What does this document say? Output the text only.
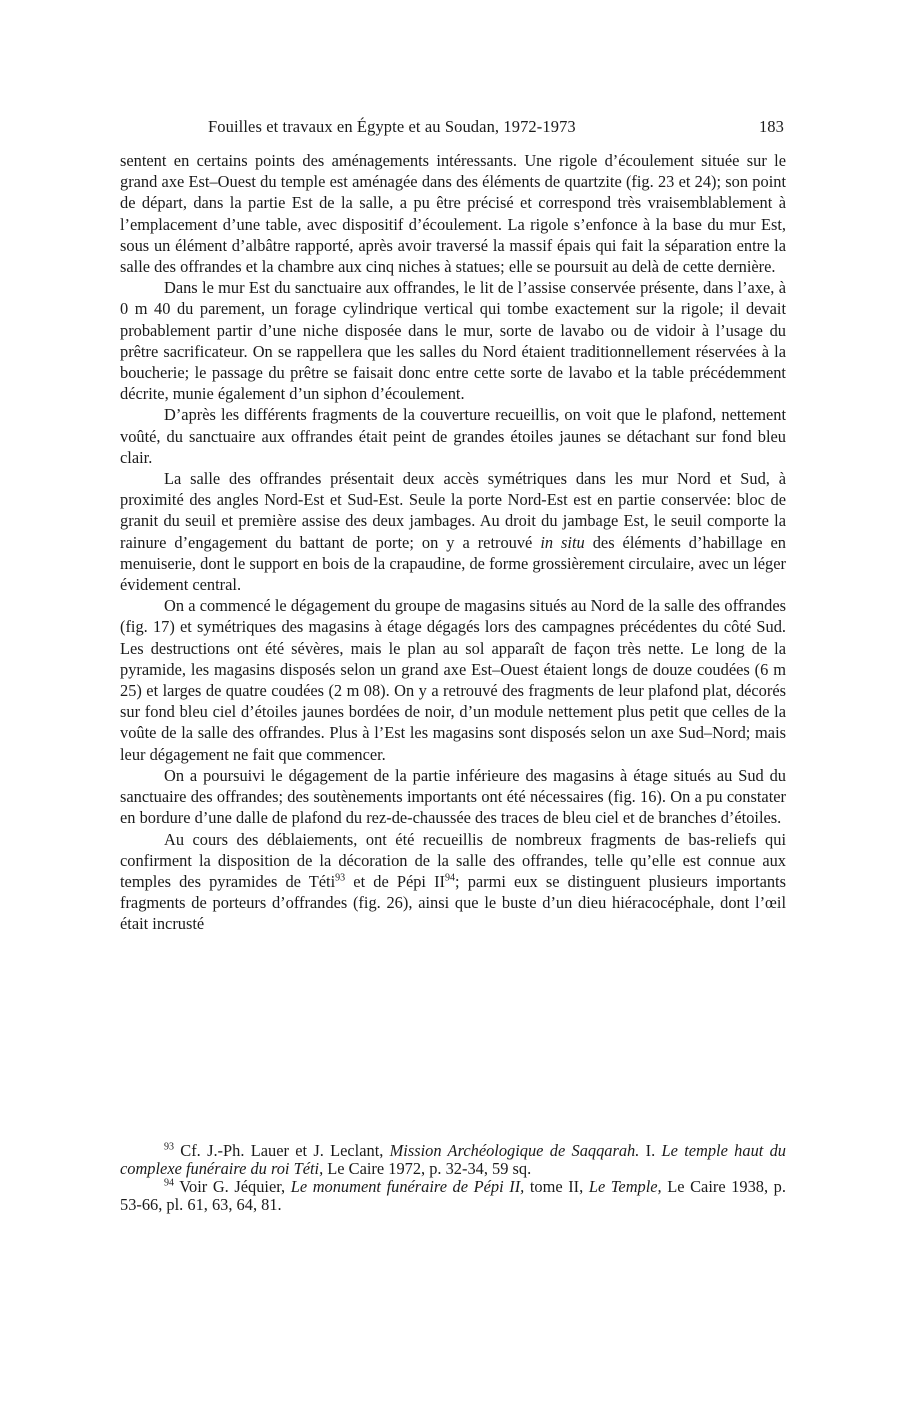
Fouilles et travaux en Égypte et au Soudan, 1972-1973	183

sentent en certains points des aménagements intéressants. Une rigole d’écoulement située sur le grand axe Est–Ouest du temple est aménagée dans des éléments de quartzite (fig. 23 et 24); son point de départ, dans la partie Est de la salle, a pu être précisé et correspond très vraisemblablement à l’emplacement d’une table, avec dispositif d’écoulement. La rigole s’enfonce à la base du mur Est, sous un élément d’albâtre rapporté, après avoir traversé la massif épais qui fait la séparation entre la salle des offrandes et la chambre aux cinq niches à statues; elle se poursuit au delà de cette dernière.

Dans le mur Est du sanctuaire aux offrandes, le lit de l’assise conservée présente, dans l’axe, à 0 m 40 du parement, un forage cylindrique vertical qui tombe exactement sur la rigole; il devait probablement partir d’une niche disposée dans le mur, sorte de lavabo ou de vidoir à l’usage du prêtre sacrificateur. On se rappellera que les salles du Nord étaient traditionnellement réservées à la boucherie; le passage du prêtre se faisait donc entre cette sorte de lavabo et la table précédemment décrite, munie également d’un siphon d’écoulement.

D’après les différents fragments de la couverture recueillis, on voit que le plafond, nettement voûté, du sanctuaire aux offrandes était peint de grandes étoiles jaunes se détachant sur fond bleu clair.

La salle des offrandes présentait deux accès symétriques dans les mur Nord et Sud, à proximité des angles Nord-Est et Sud-Est. Seule la porte Nord-Est est en partie conservée: bloc de granit du seuil et première assise des deux jambages. Au droit du jambage Est, le seuil comporte la rainure d’engagement du battant de porte; on y a retrouvé in situ des éléments d’habillage en menuiserie, dont le support en bois de la crapaudine, de forme grossièrement circulaire, avec un léger évidement central.

On a commencé le dégagement du groupe de magasins situés au Nord de la salle des offrandes (fig. 17) et symétriques des magasins à étage dégagés lors des campagnes précédentes du côté Sud. Les destructions ont été sévères, mais le plan au sol apparaît de façon très nette. Le long de la pyramide, les magasins disposés selon un grand axe Est–Ouest étaient longs de douze coudées (6 m 25) et larges de quatre coudées (2 m 08). On y a retrouvé des fragments de leur plafond plat, décorés sur fond bleu ciel d’étoiles jaunes bordées de noir, d’un module nettement plus petit que celles de la voûte de la salle des offrandes. Plus à l’Est les magasins sont disposés selon un axe Sud–Nord; mais leur dégagement ne fait que commencer.

On a poursuivi le dégagement de la partie inférieure des magasins à étage situés au Sud du sanctuaire des offrandes; des soutènements importants ont été nécessaires (fig. 16). On a pu constater en bordure d’une dalle de plafond du rez-de-chaussée des traces de bleu ciel et de branches d’étoiles.

Au cours des déblaiements, ont été recueillis de nombreux fragments de bas-reliefs qui confirment la disposition de la décoration de la salle des offrandes, telle qu’elle est connue aux temples des pyramides de Téti$^{93}$ et de Pépi II$^{94}$; parmi eux se distinguent plusieurs importants fragments de porteurs d’offrandes (fig. 26), ainsi que le buste d’un dieu hiéracocéphale, dont l’œil était incrusté

$^{93}$ Cf. J.-Ph. Lauer et J. Leclant, Mission Archéologique de Saqqarah. I. Le temple haut du complexe funéraire du roi Téti, Le Caire 1972, p. 32-34, 59 sq.

$^{94}$ Voir G. Jéquier, Le monument funéraire de Pépi II, tome II, Le Temple, Le Caire 1938, p. 53-66, pl. 61, 63, 64, 81.
